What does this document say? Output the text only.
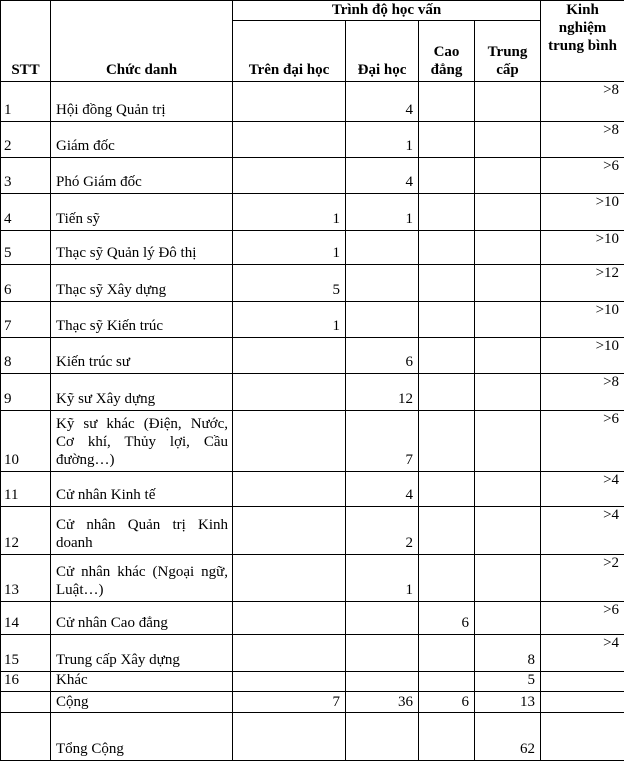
STT	Chức danh	Trình độ học vấn				Kinh nghiệm trung bình
		Trên đại học	Đại học	Cao đẳng	Trung cấp	
1	Hội đồng Quản trị		4			>8
2	Giám đốc		1			>8
3	Phó Giám đốc		4			>6
4	Tiến sỹ	1	1			>10
5	Thạc sỹ Quản lý Đô thị	1				>10
6	Thạc sỹ Xây dựng	5				>12
7	Thạc sỹ Kiến trúc	1				>10
8	Kiến trúc sư		6			>10
9	Kỹ sư Xây dựng		12			>8
10	Kỹ sư khác (Điện, Nước, Cơ khí, Thủy lợi, Cầu đường…)		7			>6
11	Cử nhân Kinh tế		4			>4
12	Cử nhân Quản trị Kinh doanh		2			>4
13	Cử nhân khác (Ngoại ngữ, Luật…)		1			>2
14	Cử nhân Cao đẳng			6		>6
15	Trung cấp Xây dựng				8	>4
16	Khác				5	
	Cộng	7	36	6	13	
	Tổng Cộng				62	
